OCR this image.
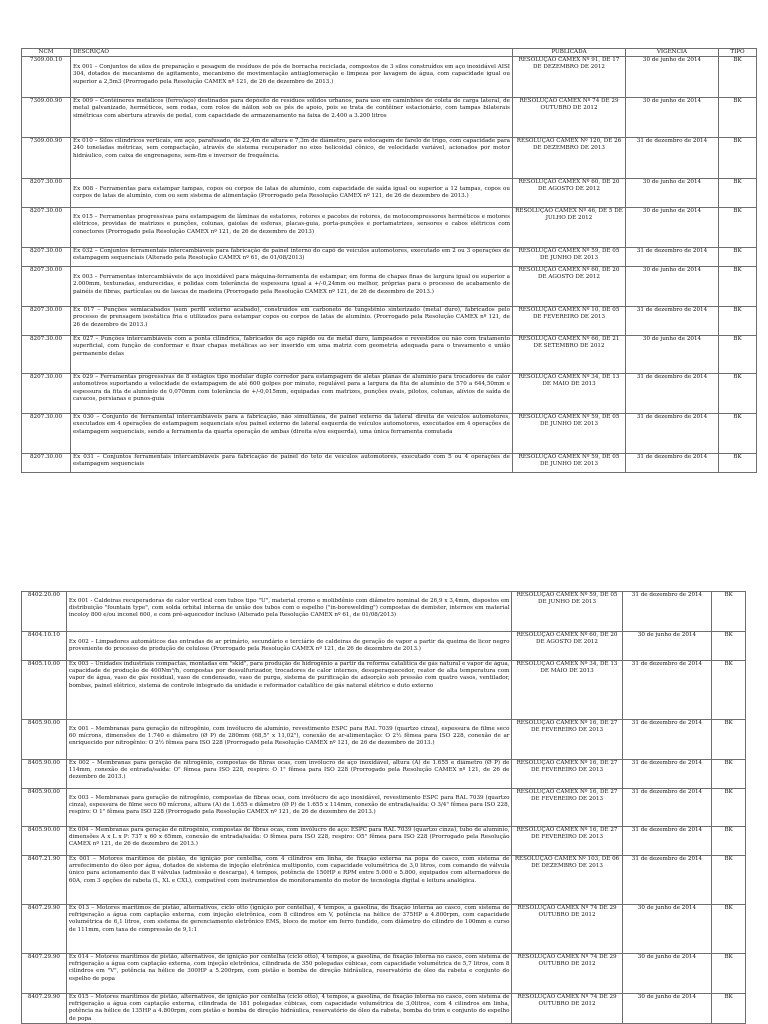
NCM	DESCRIÇÃO	PUBLICADA	VIGÊNCIA	TIPO
7309.00.10	Ex 001 – Conjuntos de silos de preparação e pesagem de resíduos de pós de borracha reciclada, compostos de 3 silos construídos em aço inoxidável AISI 304, dotados de mecanismo de agitamento, mecanismo de movimentação antiaglomeração e limpeza por lavagem de água, com capacidade igual ou superior a 2,5m3 (Prorrogado pela Resolução CAMEX nº 121, de 26 de dezembro de 2013.)	RESOLUÇÃO CAMEX Nº 91, DE 17 DE DEZEMBRO DE 2012	30 de junho de 2014	BK
7309.00.90	Ex 009 – Contêineres metálicos (ferro/aço) destinados para depósito de resíduos sólidos urbanos, para uso em caminhões de coleta de carga lateral, de metal galvanizado, herméticos, sem rodas, com rolos de náilon sob os pés de apoio, pois se trata de contêiner estacionário, com tampas bilaterais simétricas com abertura através de pedal, com capacidade de armazenamento na faixa de 2.400 a 3.200 litros	RESOLUÇÃO CAMEX Nº 74 DE 29 OUTUBRO DE 2012	30 de junho de 2014	BK
7309.00.90	Ex 010 – Silos cilíndricos verticais, em aço, parafusado, de 22,4m de altura e 7,3m de diâmetro, para estocagem de farelo de trigo, com capacidade para 240 toneladas métricas, sem compactação, através de sistema recuperador no eixo helicoidal cônico, de velocidade variável, acionados por motor hidráulico, com caixa de engrenagens, sem-fim e inversor de frequência.	RESOLUÇÃO CAMEX Nº 120, DE 26 DE DEZEMBRO DE 2013	31 de dezembro de 2014	BK
8207.30.00	Ex 008 - Ferramentas para estampar tampas, copos ou corpos de latas de alumínio, com capacidade de saída igual ou superior a 12 tampas, copos ou corpos de latas de alumínio, com ou sem sistema de alimentação (Prorrogado pela Resolução CAMEX nº 121, de 26 de dezembro de 2013.)	RESOLUÇÃO CAMEX Nº 60, DE 20 DE AGOSTO DE 2012	30 de junho de 2014	BK
8207.30.00	Ex 015 – Ferramentas progressivas para estampagem de lâminas de estatores, rotores e pacotes de rotores, de motocompressores herméticos e motores elétricos, providas de matrizes e punções, colunas, gaiolas de esferas, placas-guia, porta-punções e portamatrizes, sensores e cabos elétricos com conectores (Prorrogado pela Resolução CAMEX nº 121, de 26 de dezembro de 2013)	RESOLUÇÃO CAMEX Nº 46, DE 5 DE JULHO DE 2012	30 de junho de 2014	BK
8207.30.00	Ex 032 – Conjuntos ferramentais intercambiáveis para fabricação de painel interno do capô de veículos automotores, executado em 2 ou 3 operações de estampagem sequenciais (Alterado pela Resolução CAMEX nº 61, de 01/08/2013)	RESOLUÇÃO CAMEX Nº 59, DE 05 DE JUNHO DE 2013	31 de dezembro de 2014	BK
8207.30.00	Ex 003 – Ferramentas intercambiáveis de aço inoxidável para máquina-ferramenta de estampar, em forma de chapas finas de largura igual ou superior a 2.000mm, texturadas, endurecidas, e polidas com tolerância de espessura igual a +/-0,24mm ou melhor, próprias para o processo de acabamento de painéis de fibras, partículas ou de lascas de madeira (Prorrogado pela Resolução CAMEX nº 121, de 26 de dezembro de 2013.)	RESOLUÇÃO CAMEX Nº 60, DE 20 DE AGOSTO DE 2012	30 de junho de 2014	BK
8207.30.00	Ex 017 – Punções semiacabados (sem perfil externo acabado), construídos em carboneto de tungstênio sinterizado (metal duro), fabricados pelo processo de prensagem isostática fria e utilizados para estampar copos ou corpos de latas de alumínio. (Prorrogado pela Resolução CAMEX nº 121, de 26 de dezembro de 2013.)	RESOLUÇÃO CAMEX Nº 10, DE 05 DE FEVEREIRO DE 2013	31 de dezembro de 2014	BK
8207.30.00	Ex 027 – Punções intercambiáveis com a ponta cilíndrica, fabricados de aço rápido ou de metal duro, lampeados e revestidos ou não com tratamento superficial, com função de conformar e fixar chapas metálicas ao ser inserido em uma matriz com geometria adequada para o travamento e união permanente delas	RESOLUÇÃO CAMEX Nº 66, DE 21 DE SETEMBRO DE 2012	30 de junho de 2014	BK
8207.30.00	Ex 029 – Ferramentas progressivas de 8 estágios tipo modular duplo corredor para estampagem de aletas planas de alumínio para trocadores de calor automotivos suportando a velocidade de estampagem de até 600 golpes por minuto, regulável para a largura da fita de alumínio de 570 a 644,50mm e espessura da fita de alumínio de 0,070mm com tolerância de +/-0,015mm, equipadas com matrizes, punções ovais, pilotos, colunas, alívios de saída de cavacos, persianas e punos-guia	RESOLUÇÃO CAMEX Nº 34, DE 13 DE MAIO DE 2013	31 de dezembro de 2014	BK
8207.30.00	Ex 030 – Conjunto de ferramental intercambiáveis para a fabricação, não simultânea, de painel externo da lateral direita de veículos automotores, executados em 4 operações de estampagem sequenciais e/ou painel externo de lateral esquerda de veículos automotores, executados em 4 operações de estampagem sequenciais, sendo a ferramenta da quarta operação de ambas (direita e/ou esquerda), uma única ferramenta comutada	RESOLUÇÃO CAMEX Nº 59, DE 05 DE JUNHO DE 2013	31 de dezembro de 2014	BK
8207.30.00	Ex 031 – Conjuntos ferramentais intercambiáveis para fabricação de painel do teto de veículos automotores, executado com 5 ou 4 operações de estampagem sequenciais	RESOLUÇÃO CAMEX Nº 59, DE 05 DE JUNHO DE 2013	31 de dezembro de 2014	BK
8402.20.00	Ex 001 - Caldeiras recuperadoras de calor vertical com tubos tipo "U", material cromo e molibdênio com diâmetro nominal de 26,9 x 3,4mm, dispostos em distribuição "fountain type", com solda orbital interna de união dos tubos com o espelho ("in-borewelding") compostas de demister, internos em material incoloy 800 e/ou inconel 600, e com pré-aquecedor incluso (Alterado pela Resolução CAMEX nº 61, de 01/08/2013)	RESOLUÇÃO CAMEX Nº 59, DE 05 DE JUNHO DE 2013	31 de dezembro de 2014	BK
8404.10.10	Ex 002 – Limpadores automáticos das entradas de ar primário, secundário e terciário de caldeiras de geração de vapor a partir da queima de licor negro proveniente do processo de produção de celulose (Prorrogado pela Resolução CAMEX nº 121, de 26 de dezembro de 2013.)	RESOLUÇÃO CAMEX Nº 60, DE 20 DE AGOSTO DE 2012	30 de junho de 2014	BK
8405.10.00	Ex 003 – Unidades industriais compactas, montadas em "skid", para produção de hidrogênio a partir da reforma catalítica de gás natural e vapor de água, capacidade de produção de 400Nm³/h, compostas por dessulfurizador, trocadores de calor internos, desuperaquecedor, reator de alta temperatura com vapor de água, vaso de gás residual, vaso de condensado, vaso de purga, sistema de purificação de adsorção sob pressão com quatro vasos, ventilador, bombas, painel elétrico, sistema de controle integrado da unidade e reformador catalítico de gás natural elétrico e duto externo	RESOLUÇÃO CAMEX Nº 34, DE 13 DE MAIO DE 2013	31 de dezembro de 2014	BK
8405.90.00	Ex 001 – Membranas para geração de nitrogênio, com invólucro de alumínio, revestimento ESPC para RAL 7039 (quartzo cinza), espessura de filme seco 60 mícrons, dimensões de 1.740 e diâmetro (Ø P) de 280mm (68,5" x 11,02"), conexão de ar-alimentação: O 2½ fêmea para ISO 228, conexão de ar enriquecido por nitrogênio: O 2½ fêmea para ISO 228 (Prorrogado pela Resolução CAMEX nº 121, de 26 de dezembro de 2013.)	RESOLUÇÃO CAMEX Nº 16, DE 27 DE FEVEREIRO DE 2013	31 de dezembro de 2014	BK
8405.90.00	Ex 002 – Membranas para geração de nitrogênio, compostas de fibras ocas, com invólucro de aço inoxidável, altura (A) de 1.655 e diâmetro (Ø P) de 114mm, conexão de entrada/saída: O" fêmea para ISO 228, respiro: O 1" fêmea para ISO 228 (Prorrogado pela Resolução CAMEX nº 121, de 26 de dezembro de 2013.)	RESOLUÇÃO CAMEX Nº 16, DE 27 DE FEVEREIRO DE 2013	31 de dezembro de 2014	BK
8405.90.00	Ex 003 – Membranas para geração de nitrogênio, compostas de fibras ocas, com invólucro de aço inoxidável, revestimento ESPC para RAL 7039 (quartzo cinza), espessura de filme seco 60 mícrons, altura (A) de 1.655 e diâmetro (Ø P) de 1.655 x 114mm, conexão de entrada/saída: O 3/4" fêmea para ISO 228, respiro: O 1" fêmea para ISO 228 (Prorrogado pela Resolução CAMEX nº 121, de 26 de dezembro de 2013.)	RESOLUÇÃO CAMEX Nº 16, DE 27 DE FEVEREIRO DE 2013	31 de dezembro de 2014	BK
8405.90.00	Ex 004 – Membranas para geração de nitrogênio, compostas de fibras ocas, com invólucro de aço: ESPC para RAL 7039 (quartzo cinza), tubo de alumínio, dimensões A x L x P: 737 x 60 x 65mm, conexão de entrada/saída: O fêmea para ISO 228, respiro: O5" fêmea para ISO 228 (Prorrogado pela Resolução CAMEX nº 121, de 26 de dezembro de 2013.)	RESOLUÇÃO CAMEX Nº 16, DE 27 DE FEVEREIRO DE 2013	31 de dezembro de 2014	BK
8407.21.90	Ex 001 – Motores marítimos de pistão, de ignição por centelha, com 4 cilindros em linha, de fixação externa na popa do casco, com sistema de arrefecimento do óleo por água, dotados de sistema de injeção eletrônica multiponto, com capacidade volumétrica de 3,0 litros, com comando de válvula único para acionamento das 8 válvulas (admissão e descarga), 4 tempos, potência de 150HP e RPM entre 5.000 e 5.800, equipados com alternadores de 60A, com 3 opções de rabeta (L, XL e CXL), compatível com instrumentos de monitoramento do motor de tecnologia digital e leitura analógica.	RESOLUÇÃO CAMEX Nº 103, DE 06 DE DEZEMBRO DE 2013	31 de dezembro de 2014	BK
8407.29.90	Ex 013 – Motores marítimos de pistão, alternativos, ciclo otto (ignição por centelha), 4 tempos, a gasolina, de fixação interna ao casco, com sistema de refrigeração a água com captação externa, com injeção eletrônica, com 8 cilindros em V, potência na hélice de 375HP a 4.800rpm, com capacidade volumétrica de 6,1 litros, com sistema de gerenciamento eletrônico EMS, bloco de motor em ferro fundido, com diâmetro do cilindro de 100mm e curso de 111mm, com taxa de compressão de 9,1:1	RESOLUÇÃO CAMEX Nº 74 DE 29 OUTUBRO DE 2012	30 de junho de 2014	BK
8407.29.90	Ex 014 – Motores marítimos de pistão, alternativos, de ignição por centelha (ciclo otto), 4 tempos, a gasolina, de fixação interna no casco, com sistema de refrigeração a água com captação externa, com injeção eletrônica, cilindrada de 350 polegadas cúbicas, com capacidade volumétrica de 5,7 litros, com 8 cilindros em "V", potência na hélice de 300HP a 5.200rpm, com pistão e bomba de direção hidráulica, reservatório de óleo da rabeta e conjunto do espelho de popa	RESOLUÇÃO CAMEX Nº 74 DE 29 OUTUBRO DE 2012	30 de junho de 2014	BK
8407.29.90	Ex 015 – Motores marítimos de pistão, alternativos, de ignição por centelha (ciclo otto), 4 tempos, a gasolina, de fixação interna no casco, com sistema de refrigeração a água com captação externa, cilindrada de 181 polegadas cúbicas, com capacidade volumétrica de 3,0litros, com 4 cilindros em linha, potência na hélice de 135HP a 4.800rpm, com pistão e bomba de direção hidráulica, reservatório de óleo da rabeta, bomba do trim e conjunto do espelho de popa	RESOLUÇÃO CAMEX Nº 74 DE 29 OUTUBRO DE 2012	30 de junho de 2014	BK
